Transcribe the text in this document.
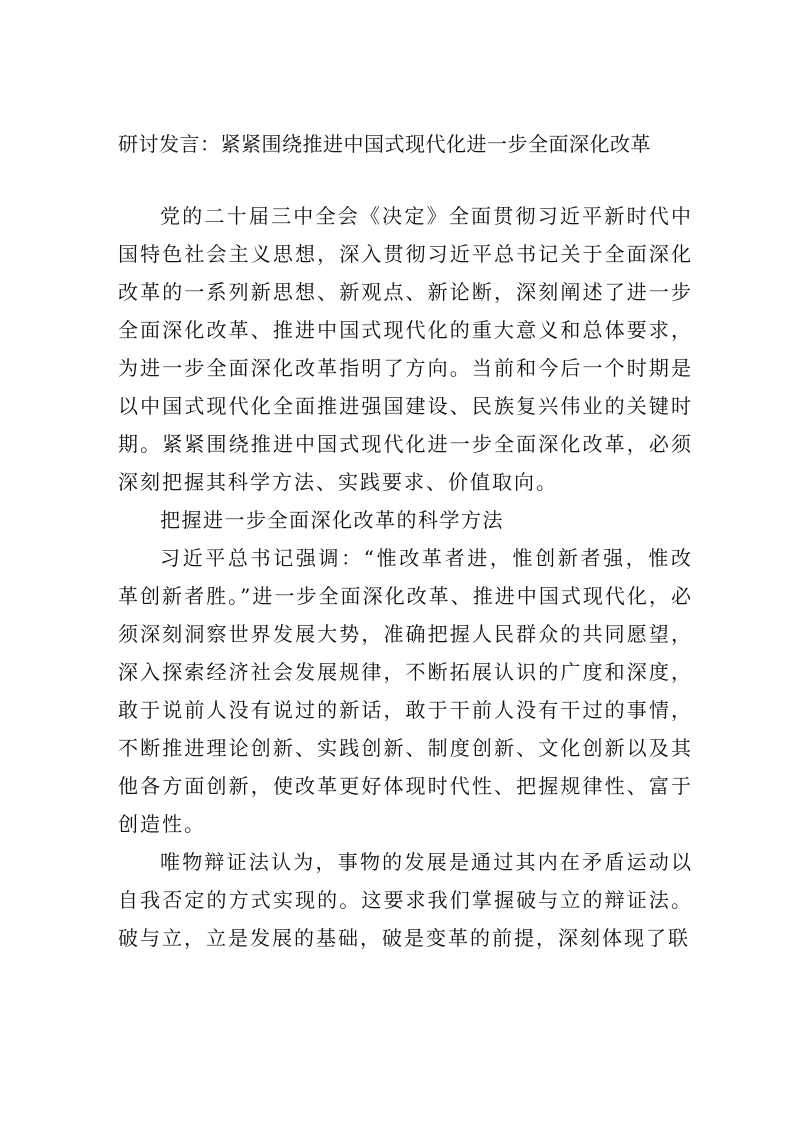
研讨发言：紧紧围绕推进中国式现代化进一步全面深化改革

党的二十届三中全会《决定》全面贯彻习近平新时代中国特色社会主义思想，深入贯彻习近平总书记关于全面深化改革的一系列新思想、新观点、新论断，深刻阐述了进一步全面深化改革、推进中国式现代化的重大意义和总体要求，为进一步全面深化改革指明了方向。当前和今后一个时期是以中国式现代化全面推进强国建设、民族复兴伟业的关键时期。紧紧围绕推进中国式现代化进一步全面深化改革，必须深刻把握其科学方法、实践要求、价值取向。

把握进一步全面深化改革的科学方法

习近平总书记强调：“惟改革者进，惟创新者强，惟改革创新者胜。”进一步全面深化改革、推进中国式现代化，必须深刻洞察世界发展大势，准确把握人民群众的共同愿望，深入探索经济社会发展规律，不断拓展认识的广度和深度，敢于说前人没有说过的新话，敢于干前人没有干过的事情，不断推进理论创新、实践创新、制度创新、文化创新以及其他各方面创新，使改革更好体现时代性、把握规律性、富于创造性。

唯物辩证法认为，事物的发展是通过其内在矛盾运动以自我否定的方式实现的。这要求我们掌握破与立的辩证法。破与立，立是发展的基础，破是变革的前提，深刻体现了联
